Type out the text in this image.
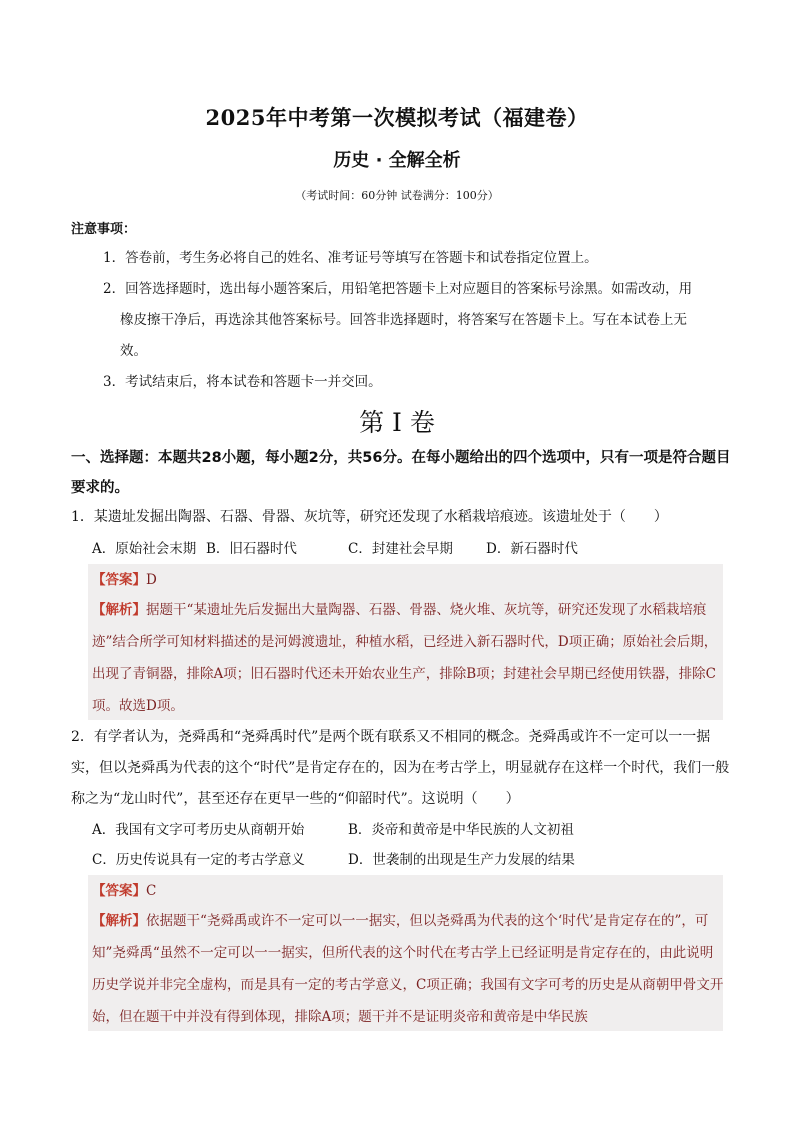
2025年中考第一次模拟考试（福建卷）
历史 · 全解全析
（考试时间：60分钟 试卷满分：100分）
注意事项：
1．答卷前，考生务必将自己的姓名、准考证号等填写在答题卡和试卷指定位置上。
2．回答选择题时，选出每小题答案后，用铅笔把答题卡上对应题目的答案标号涂黑。如需改动，用
橡皮擦干净后，再选涂其他答案标号。回答非选择题时，将答案写在答题卡上。写在本试卷上无
效。
3．考试结束后，将本试卷和答题卡一并交回。
第 I 卷
一、选择题：本题共28小题，每小题2分，共56分。在每小题给出的四个选项中，只有一项是符合题目要求的。
1．某遗址发掘出陶器、石器、骨器、灰坑等，研究还发现了水稻栽培痕迹。该遗址处于（　　）
A．原始社会末期 B．旧石器时代	C．封建社会早期 D．新石器时代
【答案】D
【解析】据题干“某遗址先后发掘出大量陶器、石器、骨器、烧火堆、灰坑等，研究还发现了水稻栽培痕迹”结合所学可知材料描述的是河姆渡遗址，种植水稻，已经进入新石器时代，D项正确；原始社会后期，出现了青铜器，排除A项；旧石器时代还未开始农业生产，排除B项；封建社会早期已经使用铁器，排除C项。故选D项。
2．有学者认为，尧舜禹和“尧舜禹时代”是两个既有联系又不相同的概念。尧舜禹或许不一定可以一一据实，但以尧舜禹为代表的这个“时代”是肯定存在的，因为在考古学上，明显就存在这样一个时代，我们一般称之为“龙山时代”，甚至还存在更早一些的“仰韶时代”。这说明（　　）
A．我国有文字可考历史从商朝开始	B．炎帝和黄帝是中华民族的人文初祖
C．历史传说具有一定的考古学意义	D．世袭制的出现是生产力发展的结果
【答案】C
【解析】依据题干“尧舜禹或许不一定可以一一据实，但以尧舜禹为代表的这个‘时代’是肯定存在的”，可知”尧舜禹“虽然不一定可以一一据实，但所代表的这个时代在考古学上已经证明是肯定存在的，由此说明历史学说并非完全虚构，而是具有一定的考古学意义，C项正确；我国有文字可考的历史是从商朝甲骨文开始，但在题干中并没有得到体现，排除A项；题干并不是证明炎帝和黄帝是中华民族
